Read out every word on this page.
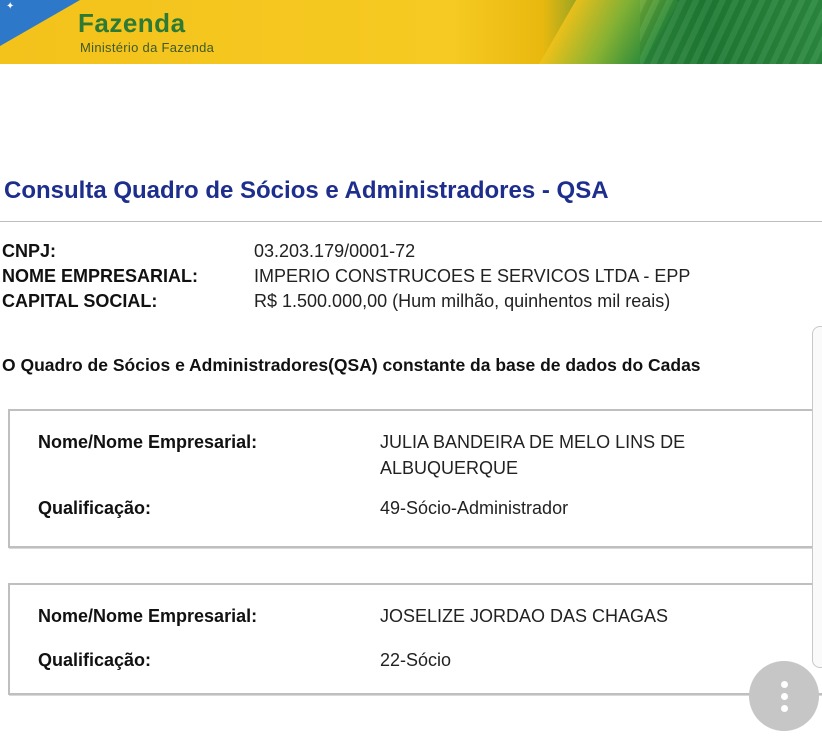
✦
Fazenda
Ministério da Fazenda
Consulta Quadro de Sócios e Administradores - QSA
CNPJ:	03.203.179/0001-72
NOME EMPRESARIAL:	IMPERIO CONSTRUCOES E SERVICOS LTDA - EPP
CAPITAL SOCIAL:	R$ 1.500.000,00 (Hum milhão, quinhentos mil reais)
O Quadro de Sócios e Administradores(QSA) constante da base de dados do Cadas
Nome/Nome Empresarial:	JULIA BANDEIRA DE MELO LINS DE ALBUQUERQUE
Qualificação:	49-Sócio-Administrador
Nome/Nome Empresarial:	JOSELIZE JORDAO DAS CHAGAS
Qualificação:	22-Sócio
